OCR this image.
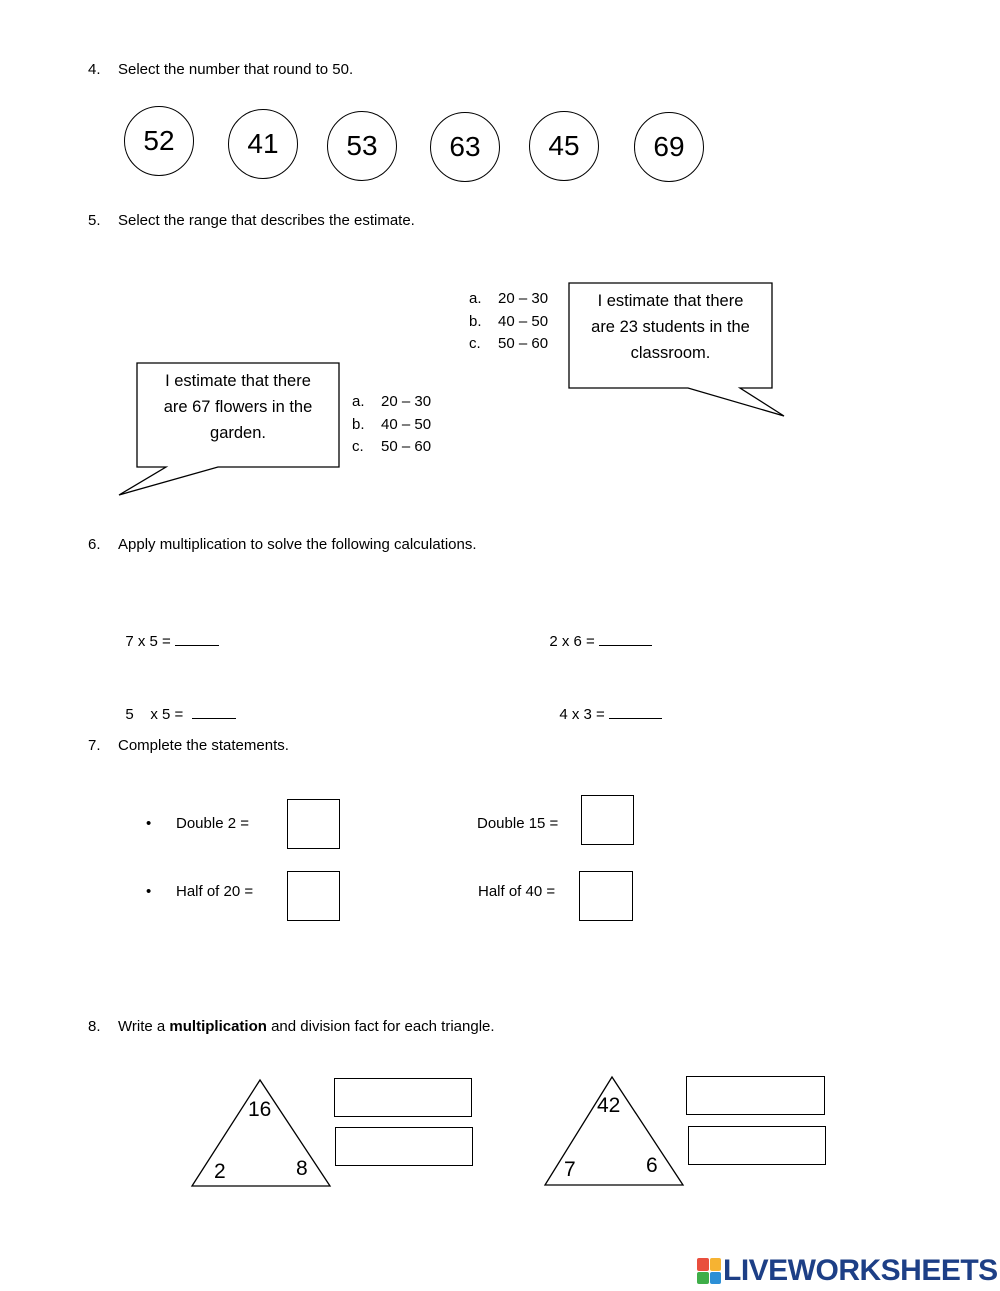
4. Select the number that round to 50.
52	41	53	63	45	69
5. Select the range that describes the estimate.
I estimate that there
are 23 students in the
classroom.
a. 20 – 30
b. 40 – 50
c. 50 – 60
I estimate that there
are 67 flowers in the
garden.
a. 20 – 30
b. 40 – 50
c. 50 – 60
6. Apply multiplication to solve the following calculations.

7 x 5 =	2 x 6 =

5    x 5 =	4 x 3 =

7. Complete the statements.
• Double 2 =	Double 15 =
• Half of 20 =	Half of 40 =
8. Write a multiplication and division fact for each triangle.
16
2	8
42
7	6
LIVEWORKSHEETS
